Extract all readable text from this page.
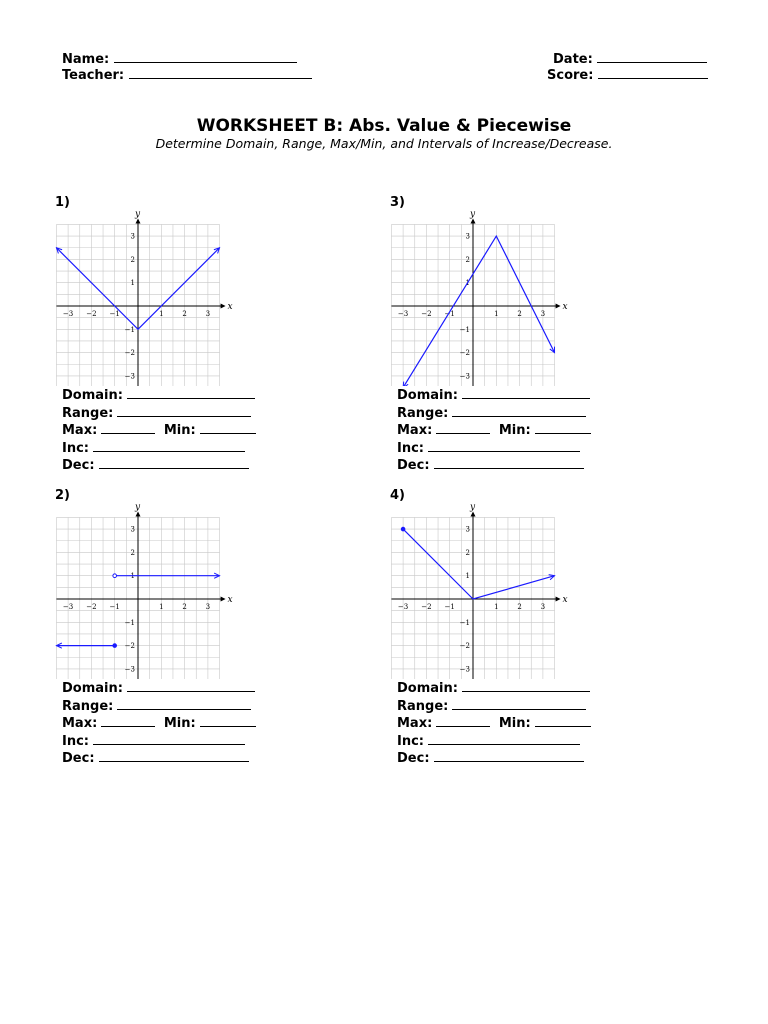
Name:
Teacher:
Date:
Score:
WORKSHEET B: Abs. Value & Piecewise
Determine Domain, Range, Max/Min, and Intervals of Increase/Decrease.
1)
x
y
−3 −2 −1	1	2	3
3
2
1
−1
−2
−3
2)
x
y
−3 −2 −1	1	2	3
3
2
1
−1
−2
−3
3)
x
y
−3 −2 −1	1	2	3
3
2
1
−1
−2
−3
4)
x
y
−3 −2 −1	1	2	3
3
2
1
−1
−2
−3
Domain:
Range:
Max:	Min:
Inc:
Dec:
Domain:
Range:
Max:	Min:
Inc:
Dec:
Domain:
Range:
Max:	Min:
Inc:
Dec:
Domain:
Range:
Max:	Min:
Inc:
Dec:
